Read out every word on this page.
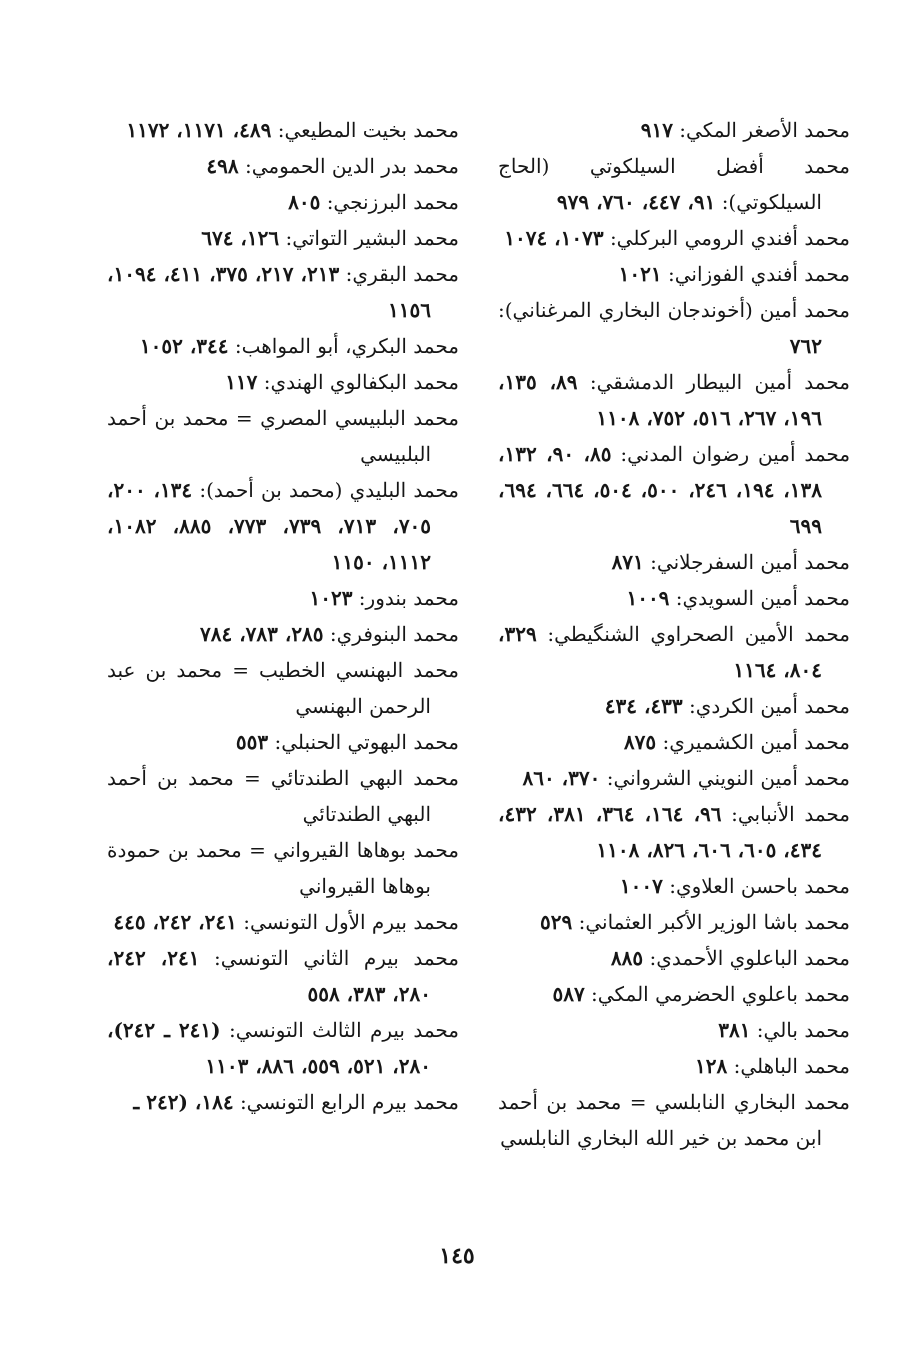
محمد الأصغر المكي: ٩١٧

محمد أفضل السيلكوتي (الحاج السيلكوتي): ٩١، ٤٤٧، ٧٦٠، ٩٧٩

محمد أفندي الرومي البركلي: ١٠٧٣، ١٠٧٤

محمد أفندي الفوزاني: ١٠٢١

محمد أمين (أخوندجان البخاري المرغناني): ٧٦٢

محمد أمين البيطار الدمشقي: ٨٩، ١٣٥، ١٩٦، ٢٦٧، ٥١٦، ٧٥٢، ١١٠٨

محمد أمين رضوان المدني: ٨٥، ٩٠، ١٣٢، ١٣٨، ١٩٤، ٢٤٦، ٥٠٠، ٥٠٤، ٦٦٤، ٦٩٤، ٦٩٩

محمد أمين السفرجلاني: ٨٧١

محمد أمين السويدي: ١٠٠٩

محمد الأمين الصحراوي الشنگيطي: ٣٢٩، ٨٠٤، ١١٦٤

محمد أمين الكردي: ٤٣٣، ٤٣٤

محمد أمين الكشميري: ٨٧٥

محمد أمين النويني الشرواني: ٣٧٠، ٨٦٠

محمد الأنبابي: ٩٦، ١٦٤، ٣٦٤، ٣٨١، ٤٣٢، ٤٣٤، ٦٠٥، ٦٠٦، ٨٢٦، ١١٠٨

محمد باحسن العلاوي: ١٠٠٧

محمد باشا الوزير الأكبر العثماني: ٥٢٩

محمد الباعلوي الأحمدي: ٨٨٥

محمد باعلوي الحضرمي المكي: ٥٨٧

محمد بالي: ٣٨١

محمد الباهلي: ١٢٨

محمد البخاري النابلسي = محمد بن أحمد ابن محمد بن خير الله البخاري النابلسي

محمد بخيت المطيعي: ٤٨٩، ١١٧١، ١١٧٢

محمد بدر الدين الحمومي: ٤٩٨

محمد البرزنجي: ٨٠٥

محمد البشير التواتي: ١٢٦، ٦٧٤

محمد البقري: ٢١٣، ٢١٧، ٣٧٥، ٤١١، ١٠٩٤، ١١٥٦

محمد البكري، أبو المواهب: ٣٤٤، ١٠٥٢

محمد البكفالوي الهندي: ١١٧

محمد البلبيسي المصري = محمد بن أحمد البلبيسي

محمد البليدي (محمد بن أحمد): ١٣٤، ٢٠٠، ٧٠٥، ٧١٣، ٧٣٩، ٧٧٣، ٨٨٥، ١٠٨٢، ١١١٢، ١١٥٠

محمد بندور: ١٠٢٣

محمد البنوفري: ٢٨٥، ٧٨٣، ٧٨٤

محمد البهنسي الخطيب = محمد بن عبد الرحمن البهنسي

محمد البهوتي الحنبلي: ٥٥٣

محمد البهي الطندتائي = محمد بن أحمد البهي الطندتائي

محمد بوهاها القيرواني = محمد بن حمودة بوهاها القيرواني

محمد بيرم الأول التونسي: ٢٤١، ٢٤٢، ٤٤٥

محمد بيرم الثاني التونسي: ٢٤١، ٢٤٢، ٢٨٠، ٣٨٣، ٥٥٨

محمد بيرم الثالث التونسي: (٢٤١ ـ ٢٤٢)، ٢٨٠، ٥٢١، ٥٥٩، ٨٨٦، ١١٠٣

محمد بيرم الرابع التونسي: ١٨٤، (٢٤٢ ـ

١٤٥
